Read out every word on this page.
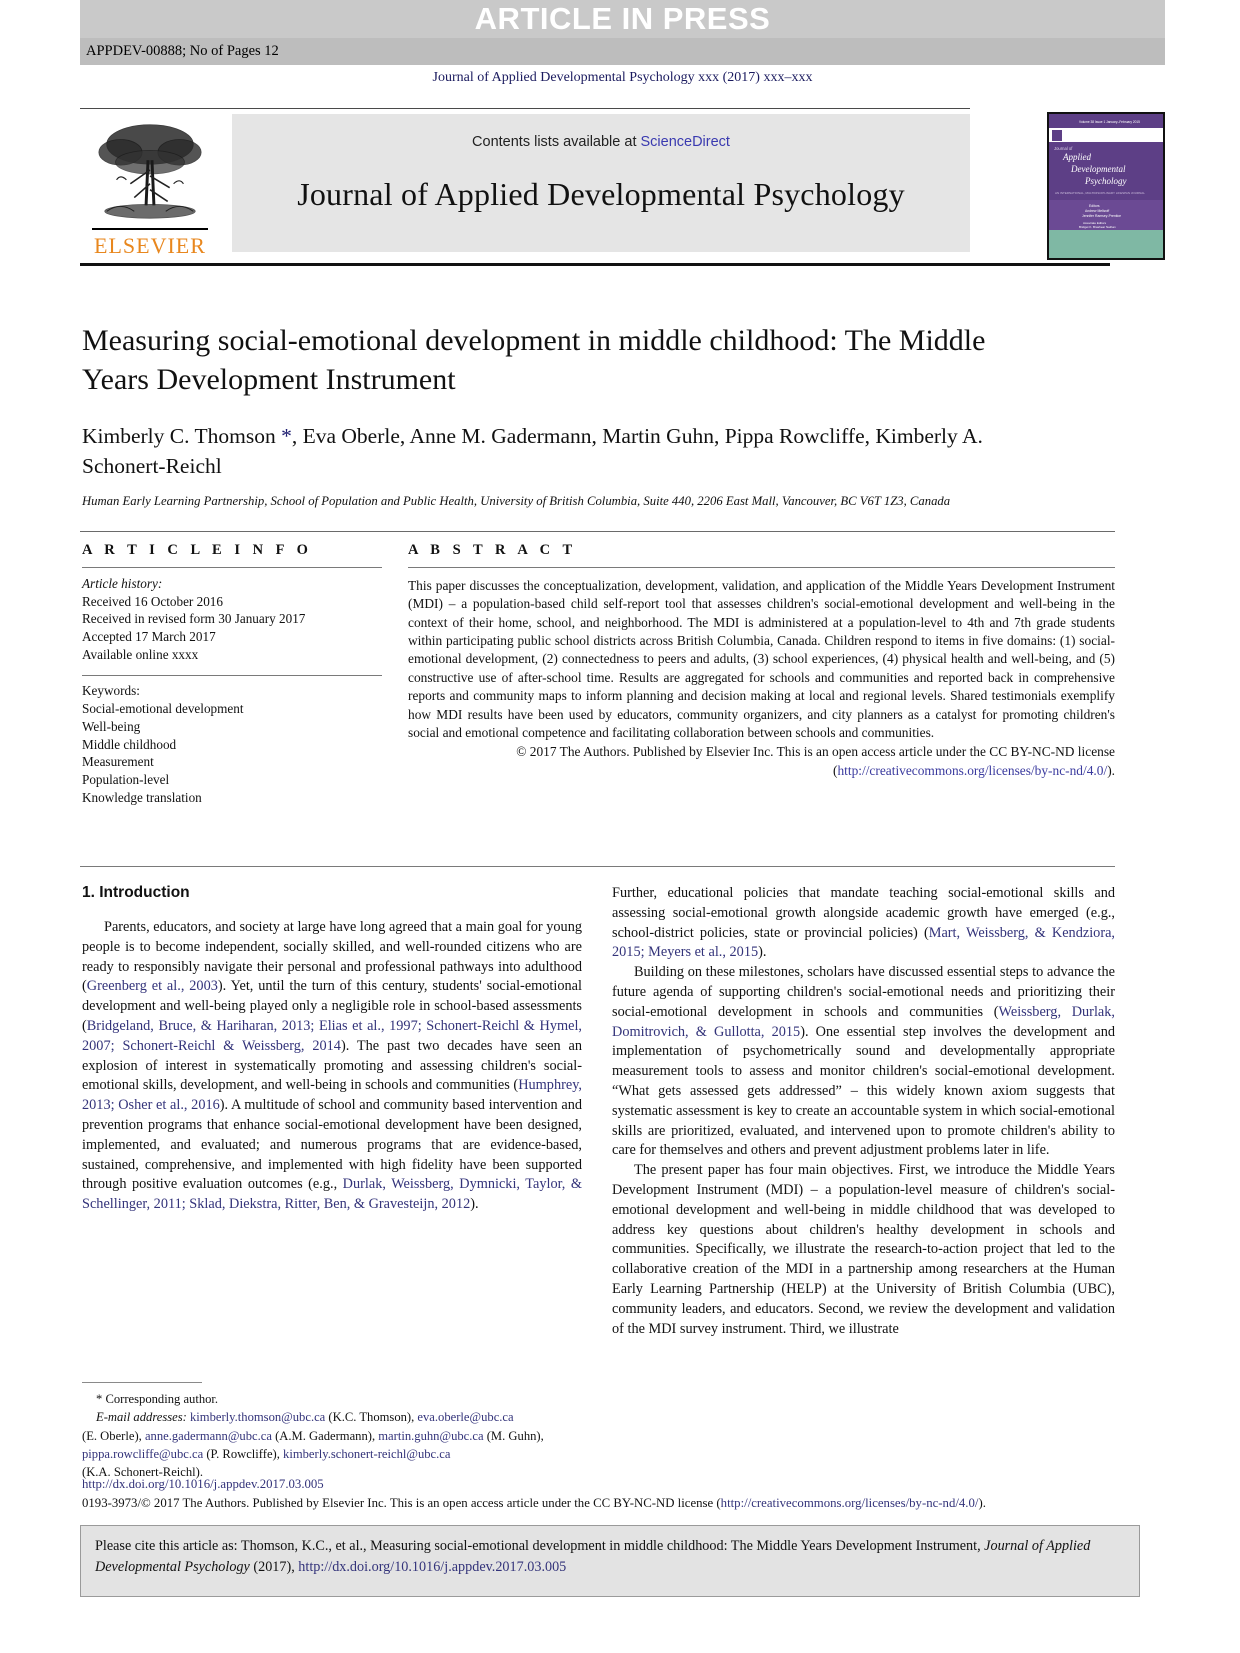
ARTICLE IN PRESS
APPDEV-00888; No of Pages 12
Journal of Applied Developmental Psychology xxx (2017) xxx–xxx
ELSEVIER
Contents lists available at ScienceDirect
Journal of Applied Developmental Psychology
Volume 38 Issue 1 January–February 2015
Journal of
Applied
Developmental
Psychology
AN INTERNATIONAL, MULTIDISCIPLINARY LIFESPAN JOURNAL
Editors
Andrew Meltzoff
Jennifer Ramsey-Prentice
Associate Editors
Bridget K. Brashear Nathan
Measuring social-emotional development in middle childhood: The Middle Years Development Instrument
Kimberly C. Thomson *, Eva Oberle, Anne M. Gadermann, Martin Guhn, Pippa Rowcliffe, Kimberly A. Schonert-Reichl
Human Early Learning Partnership, School of Population and Public Health, University of British Columbia, Suite 440, 2206 East Mall, Vancouver, BC V6T 1Z3, Canada
A R T I C L E I N F O
Article history:
Received 16 October 2016
Received in revised form 30 January 2017
Accepted 17 March 2017
Available online xxxx
Keywords:
Social-emotional development
Well-being
Middle childhood
Measurement
Population-level
Knowledge translation
A B S T R A C T
This paper discusses the conceptualization, development, validation, and application of the Middle Years Development Instrument (MDI) – a population-based child self-report tool that assesses children's social-emotional development and well-being in the context of their home, school, and neighborhood. The MDI is administered at a population-level to 4th and 7th grade students within participating public school districts across British Columbia, Canada. Children respond to items in five domains: (1) social-emotional development, (2) connectedness to peers and adults, (3) school experiences, (4) physical health and well-being, and (5) constructive use of after-school time. Results are aggregated for schools and communities and reported back in comprehensive reports and community maps to inform planning and decision making at local and regional levels. Shared testimonials exemplify how MDI results have been used by educators, community organizers, and city planners as a catalyst for promoting children's social and emotional competence and facilitating collaboration between schools and communities.
© 2017 The Authors. Published by Elsevier Inc. This is an open access article under the CC BY-NC-ND license (http://creativecommons.org/licenses/by-nc-nd/4.0/).
1. Introduction

Parents, educators, and society at large have long agreed that a main goal for young people is to become independent, socially skilled, and well-rounded citizens who are ready to responsibly navigate their personal and professional pathways into adulthood (Greenberg et al., 2003). Yet, until the turn of this century, students' social-emotional development and well-being played only a negligible role in school-based assessments (Bridgeland, Bruce, & Hariharan, 2013; Elias et al., 1997; Schonert-Reichl & Hymel, 2007; Schonert-Reichl & Weissberg, 2014). The past two decades have seen an explosion of interest in systematically promoting and assessing children's social-emotional skills, development, and well-being in schools and communities (Humphrey, 2013; Osher et al., 2016). A multitude of school and community based intervention and prevention programs that enhance social-emotional development have been designed, implemented, and evaluated; and numerous programs that are evidence-based, sustained, comprehensive, and implemented with high fidelity have been supported through positive evaluation outcomes (e.g., Durlak, Weissberg, Dymnicki, Taylor, & Schellinger, 2011; Sklad, Diekstra, Ritter, Ben, & Gravesteijn, 2012).

Further, educational policies that mandate teaching social-emotional skills and assessing social-emotional growth alongside academic growth have emerged (e.g., school-district policies, state or provincial policies) (Mart, Weissberg, & Kendziora, 2015; Meyers et al., 2015).

Building on these milestones, scholars have discussed essential steps to advance the future agenda of supporting children's social-emotional needs and prioritizing their social-emotional development in schools and communities (Weissberg, Durlak, Domitrovich, & Gullotta, 2015). One essential step involves the development and implementation of psychometrically sound and developmentally appropriate measurement tools to assess and monitor children's social-emotional development. “What gets assessed gets addressed” – this widely known axiom suggests that systematic assessment is key to create an accountable system in which social-emotional skills are prioritized, evaluated, and intervened upon to promote children's ability to care for themselves and others and prevent adjustment problems later in life.

The present paper has four main objectives. First, we introduce the Middle Years Development Instrument (MDI) – a population-level measure of children's social-emotional development and well-being in middle childhood that was developed to address key questions about children's healthy development in schools and communities. Specifically, we illustrate the research-to-action project that led to the collaborative creation of the MDI in a partnership among researchers at the Human Early Learning Partnership (HELP) at the University of British Columbia (UBC), community leaders, and educators. Second, we review the development and validation of the MDI survey instrument. Third, we illustrate

* Corresponding author.
E-mail addresses: kimberly.thomson@ubc.ca (K.C. Thomson), eva.oberle@ubc.ca
(E. Oberle), anne.gadermann@ubc.ca (A.M. Gadermann), martin.guhn@ubc.ca (M. Guhn),
pippa.rowcliffe@ubc.ca (P. Rowcliffe), kimberly.schonert-reichl@ubc.ca
(K.A. Schonert-Reichl).
http://dx.doi.org/10.1016/j.appdev.2017.03.005
0193-3973/© 2017 The Authors. Published by Elsevier Inc. This is an open access article under the CC BY-NC-ND license (http://creativecommons.org/licenses/by-nc-nd/4.0/).
Please cite this article as: Thomson, K.C., et al., Measuring social-emotional development in middle childhood: The Middle Years Development Instrument, Journal of Applied Developmental Psychology (2017), http://dx.doi.org/10.1016/j.appdev.2017.03.005
